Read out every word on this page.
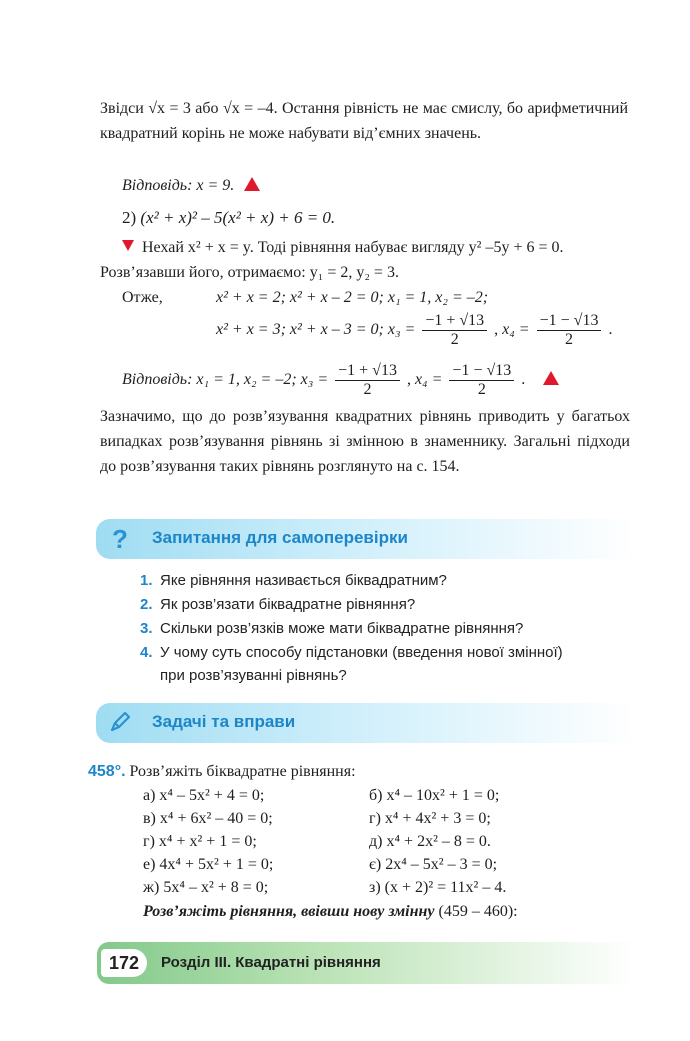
Звідси √x = 3 або √x = –4. Остання рівність не має смислу, бо арифметичний квадратний корінь не може набувати від’ємних значень.
Відповідь: x = 9.
2) (x² + x)² – 5(x² + x) + 6 = 0.
Нехай x² + x = y. Тоді рівняння набуває вигляду y² –5y + 6 = 0.
Розв’язавши його, отримаємо: y₁ = 2, y₂ = 3.
Отже,	x² + x = 2; x² + x – 2 = 0; x₁ = 1, x₂ = –2;
x² + x = 3; x² + x – 3 = 0; $x_3 = \frac{-1 + √13}{2}$ , $x_4 = \frac{-1 - √13}{2}$ .
Відповідь: x₁ = 1, x₂ = –2; $x_3 = \frac{-1 + √13}{2}$ , $x_4 = \frac{-1 - √13}{2}$ .
Зазначимо, що до розв’язування квадратних рівнянь приводить у багатьох випадках розв’язування рівнянь зі змінною в знаменнику. Загальні підходи до розв’язування таких рівнянь розглянуто на с. 154.
?	Запитання для самоперевірки
1. Яке рівняння називається біквадратним?
2. Як розв’язати біквадратне рівняння?
3. Скільки розв’язків може мати біквадратне рівняння?
4. У чому суть способу підстановки (введення нової змінної)
при розв’язуванні рівнянь?
Задачі та вправи
458°. Розв’яжіть біквадратне рівняння:
а) x⁴ – 5x² + 4 = 0;	б) x⁴ – 10x² + 1 = 0;
в) x⁴ + 6x² – 40 = 0;	г) x⁴ + 4x² + 3 = 0;
г) x⁴ + x² + 1 = 0;	д) x⁴ + 2x² – 8 = 0.
е) 4x⁴ + 5x² + 1 = 0;	є) 2x⁴ – 5x² – 3 = 0;
ж) 5x⁴ – x² + 8 = 0;	з) (x + 2)² = 11x² – 4.
Розв’яжіть рівняння, ввівши нову змінну (459 – 460):
172	Розділ III. Квадратні рівняння
